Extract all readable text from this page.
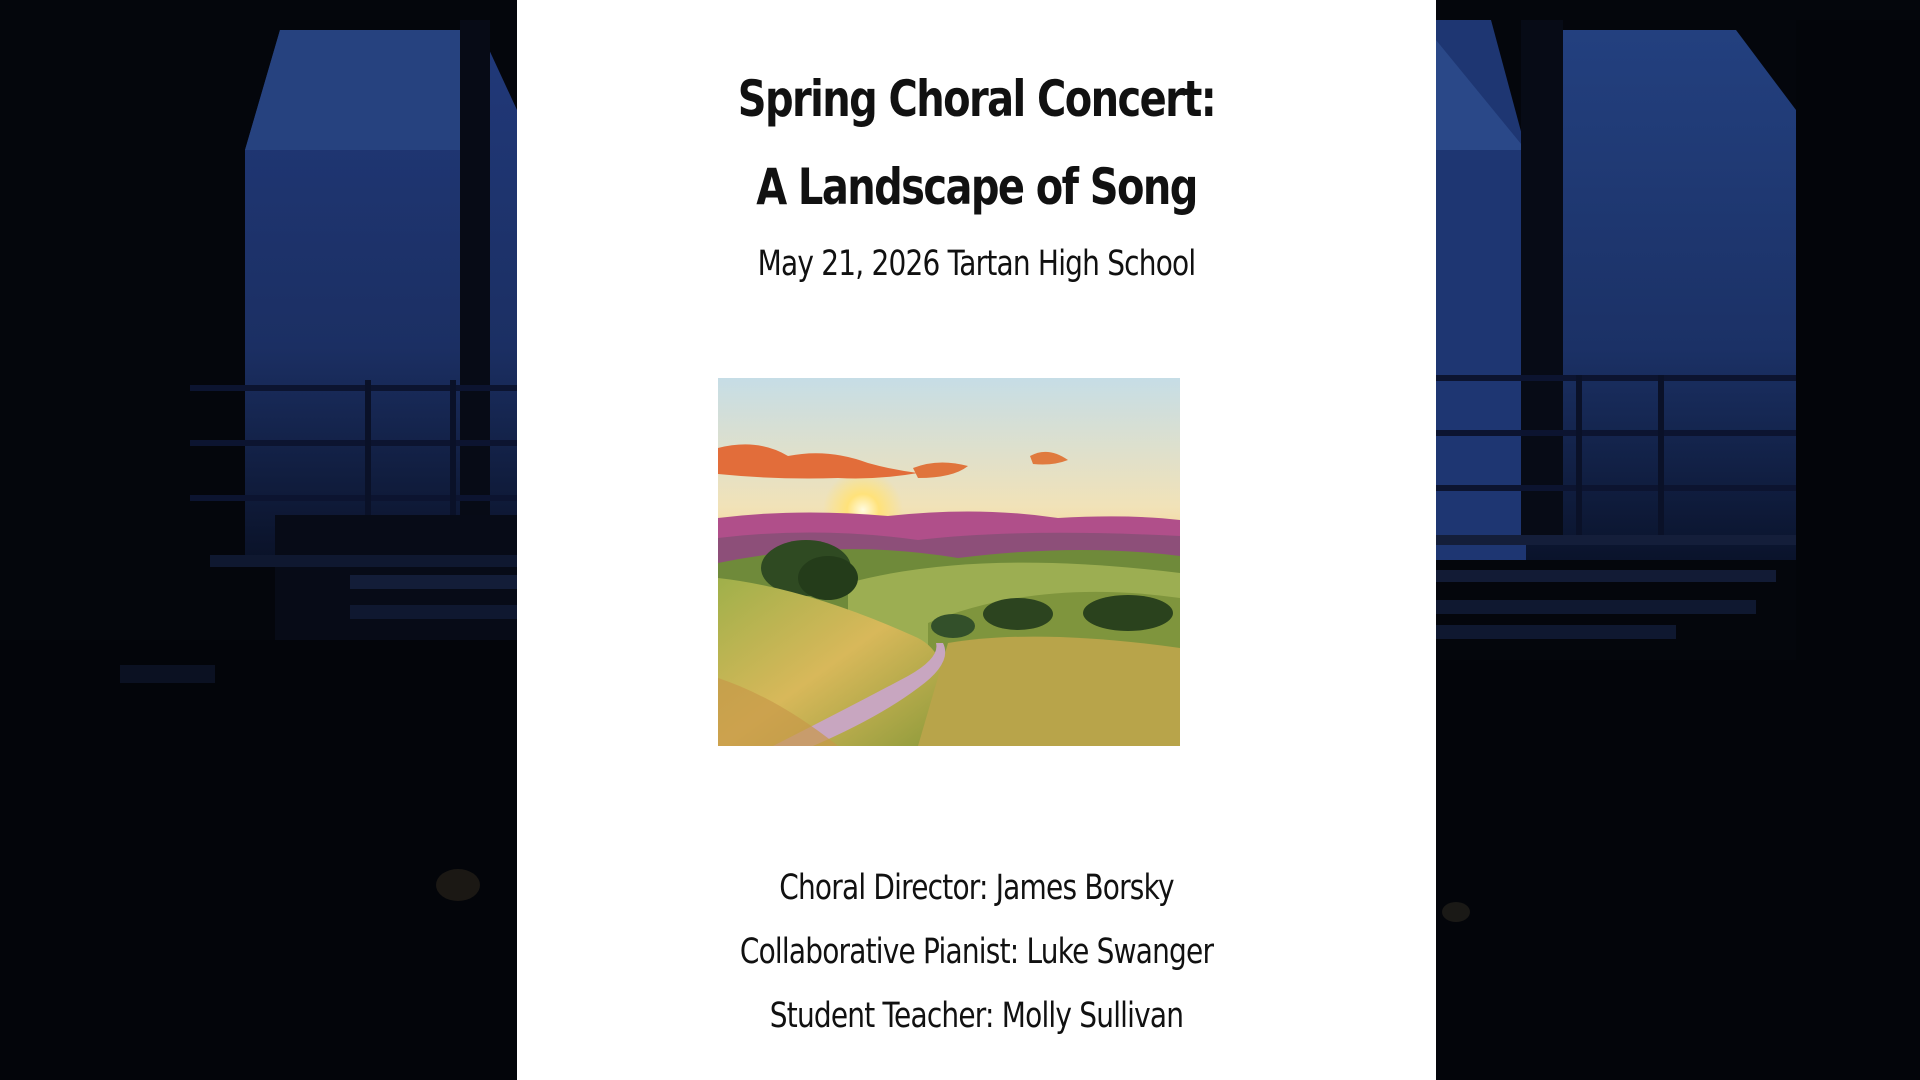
Spring Choral Concert:
A Landscape of Song
May 21, 2026 Tartan High School
Choral Director: James Borsky
Collaborative Pianist: Luke Swanger
Student Teacher: Molly Sullivan
